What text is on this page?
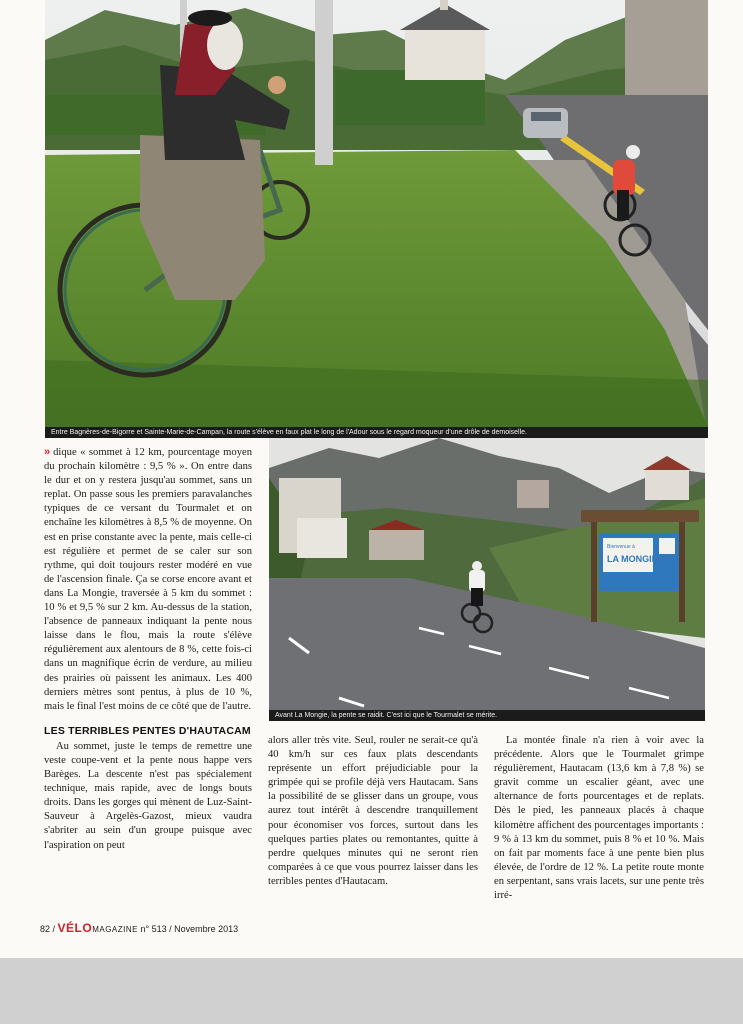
Entre Bagnères-de-Bigorre et Sainte-Marie-de-Campan, la route s'élève en faux plat le long de l'Adour sous le regard moqueur d'une drôle de demoiselle.
Bienvenue à
LA MONGIE
Avant La Mongie, la pente se raidit. C'est ici que le Tourmalet se mérite.

» dique « sommet à 12 km, pourcentage moyen du prochain kilomètre : 9,5 % ». On entre dans le dur et on y restera jusqu'au sommet, sans un replat. On passe sous les premiers paravalanches typiques de ce versant du Tourmalet et on enchaîne les kilomètres à 8,5 % de moyenne. On est en prise constante avec la pente, mais celle-ci est régulière et permet de se caler sur son rythme, qui doit toujours rester modéré en vue de l'ascension finale. Ça se corse encore avant et dans La Mongie, traversée à 5 km du sommet : 10 % et 9,5 % sur 2 km. Au-dessus de la station, l'absence de panneaux indiquant la pente nous laisse dans le flou, mais la route s'élève régulièrement aux alentours de 8 %, cette fois-ci dans un magnifique écrin de verdure, au milieu des prairies où paissent les animaux. Les 400 derniers mètres sont pentus, à plus de 10 %, mais le final l'est moins de ce côté que de l'autre.

LES TERRIBLES PENTES D'HAUTACAM

Au sommet, juste le temps de remettre une veste coupe-vent et la pente nous happe vers Barèges. La descente n'est pas spécialement technique, mais rapide, avec de longs bouts droits. Dans les gorges qui mènent de Luz-Saint-Sauveur à Argelès-Gazost, mieux vaudra s'abriter au sein d'un groupe puisque avec l'aspiration on peut

alors aller très vite. Seul, rouler ne serait-ce qu'à 40 km/h sur ces faux plats descendants représente un effort préjudiciable pour la grimpée qui se profile déjà vers Hautacam. Sans la possibilité de se glisser dans un groupe, vous aurez tout intérêt à descendre tranquillement pour économiser vos forces, surtout dans les quelques parties plates ou remontantes, quitte à perdre quelques minutes qui ne seront rien comparées à ce que vous pourrez laisser dans les terribles pentes d'Hautacam.

La montée finale n'a rien à voir avec la précédente. Alors que le Tourmalet grimpe régulièrement, Hautacam (13,6 km à 7,8 %) se gravit comme un escalier géant, avec une alternance de forts pourcentages et de replats. Dès le pied, les panneaux placés à chaque kilomètre affichent des pourcentages importants : 9 % à 13 km du sommet, puis 8 % et 10 %. Mais on fait par moments face à une pente bien plus élevée, de l'ordre de 12 %. La petite route monte en serpentant, sans vrais lacets, sur une pente très irré-

82 / VÉLOMAGAZINE n° 513 / Novembre 2013
